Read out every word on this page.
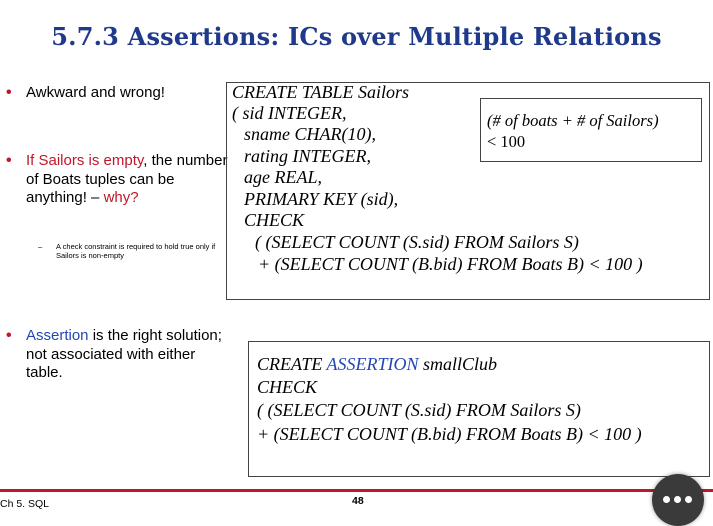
5.7.3 Assertions: ICs over Multiple Relations
• Awkward and wrong!
• If Sailors is empty, the number of Boats tuples can be anything! – why?
– A check constraint is required to hold true only if Sailors is non-empty
• Assertion is the right solution; not associated with either table.
CREATE TABLE Sailors
( sid INTEGER,
sname CHAR(10),
rating INTEGER,
age REAL,
PRIMARY KEY (sid),
CHECK
( (SELECT COUNT (S.sid) FROM Sailors S)
+ (SELECT COUNT (B.bid) FROM Boats B) < 100 )
(# of boats + # of Sailors)
< 100
CREATE ASSERTION smallClub
CHECK
( (SELECT COUNT (S.sid) FROM Sailors S)
+ (SELECT COUNT (B.bid) FROM Boats B) < 100 )
Ch 5. SQL	48
